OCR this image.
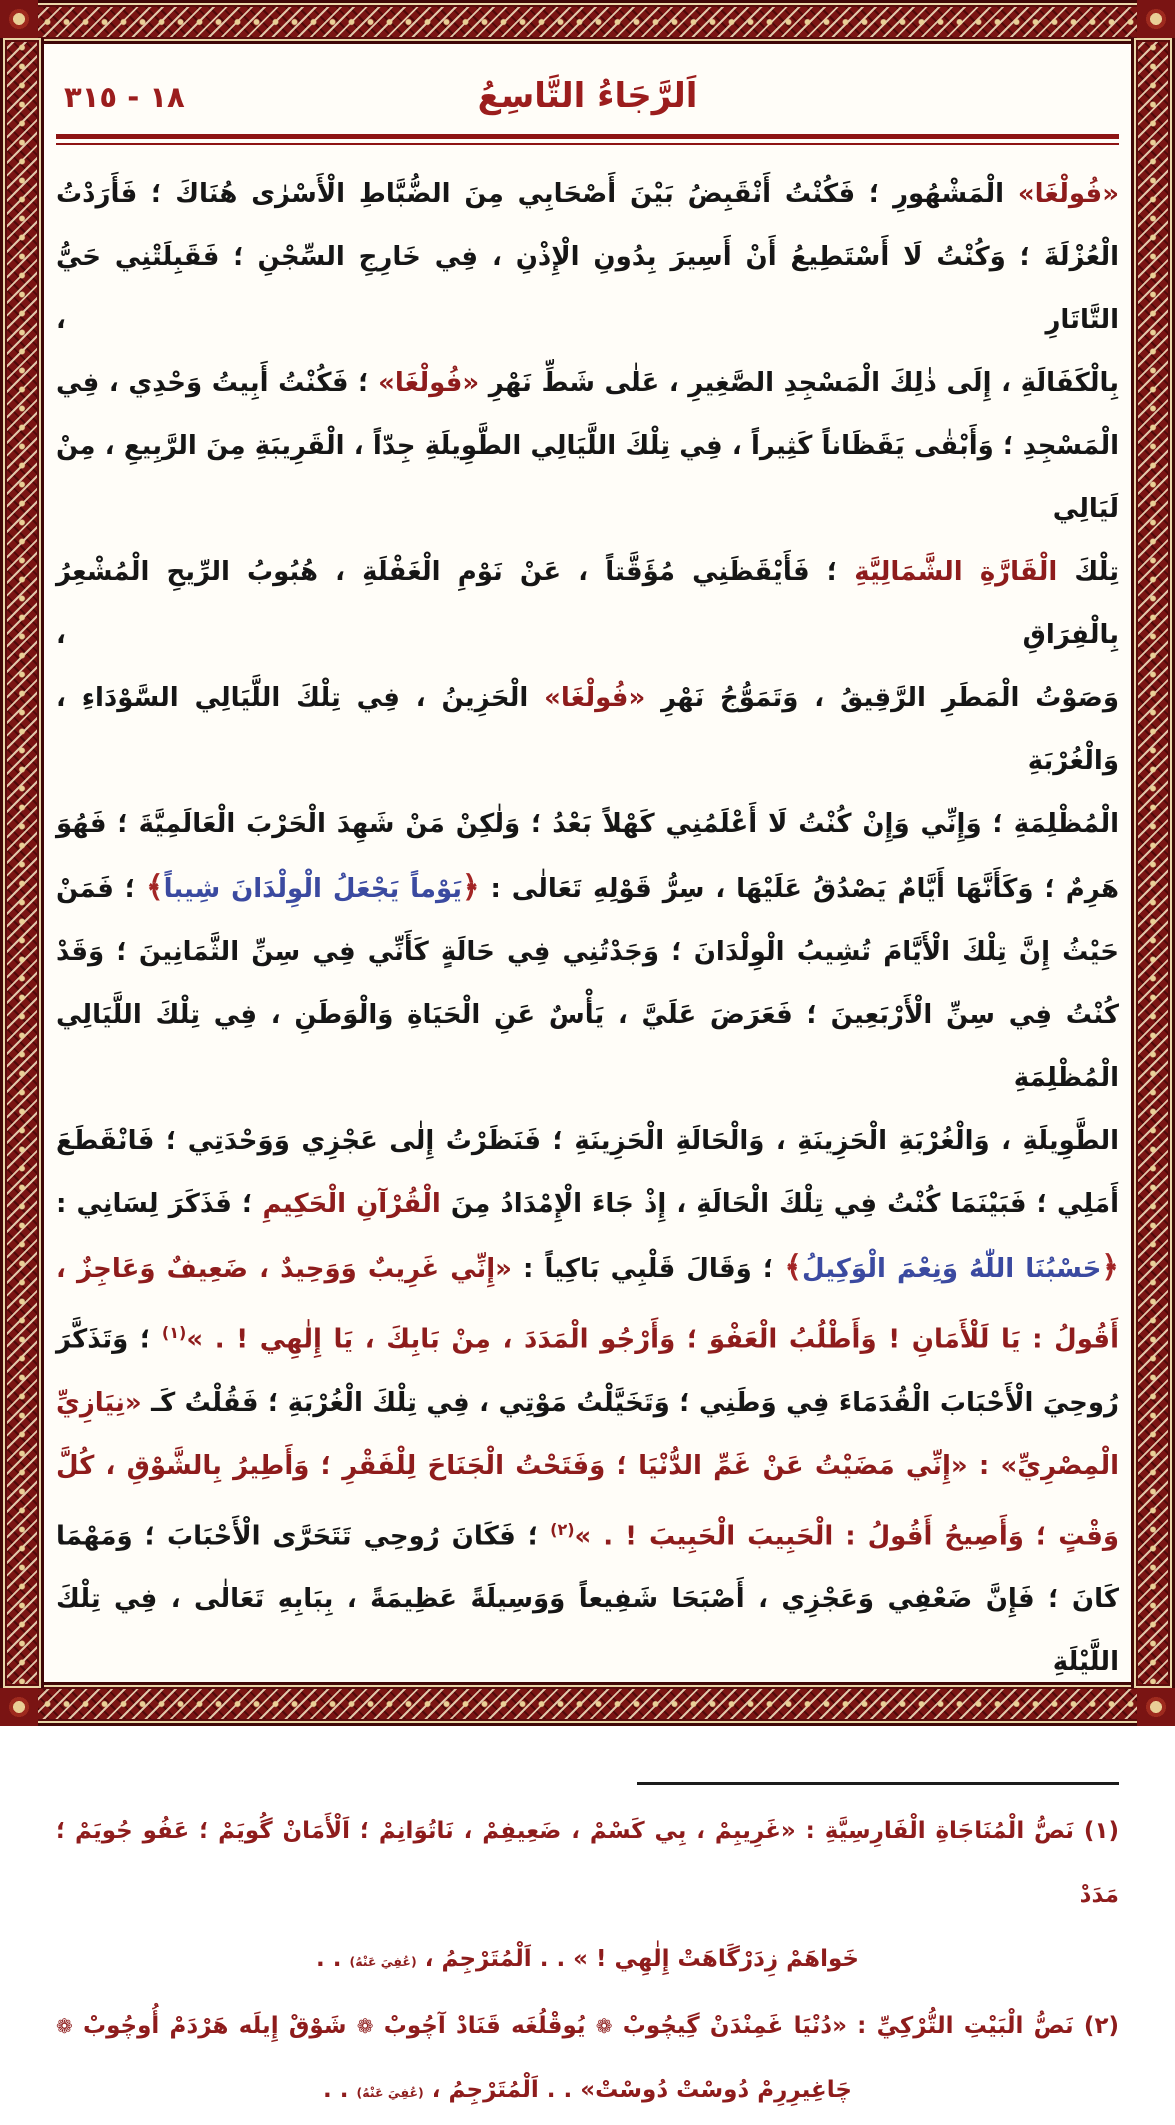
١٨ - ٣١٥	اَلرَّجَاءُ التَّاسِعُ
«فُولْغَا» الْمَشْهُورِ ؛ فَكُنْتُ أَنْقَبِضُ بَيْنَ أَصْحَابِي مِنَ الضُّبَّاطِ الْأَسْرٰى هُنَاكَ ؛ فَأَرَدْتُ
الْعُزْلَةَ ؛ وَكُنْتُ لَا أَسْتَطِيعُ أَنْ أَسِيرَ بِدُونِ الْإِذْنِ ، فِي خَارِجِ السِّجْنِ ؛ فَقَبِلَتْنِي حَيُّ التَّاتَارِ ،
بِالْكَفَالَةِ ، إِلَى ذٰلِكَ الْمَسْجِدِ الصَّغِيرِ ، عَلٰى شَطِّ نَهْرِ «فُولْغَا» ؛ فَكُنْتُ أَبِيتُ وَحْدِي ، فِي
الْمَسْجِدِ ؛ وَأَبْقٰى يَقَظَاناً كَثِيراً ، فِي تِلْكَ اللَّيَالِي الطَّوِيلَةِ جِدّاً ، الْقَرِيبَةِ مِنَ الرَّبِيعِ ، مِنْ لَيَالِي
تِلْكَ الْقَارَّةِ الشَّمَالِيَّةِ ؛ فَأَيْقَظَنِي مُؤَقَّتاً ، عَنْ نَوْمِ الْغَفْلَةِ ، هُبُوبُ الرِّيحِ الْمُشْعِرُ بِالْفِرَاقِ ،
وَصَوْتُ الْمَطَرِ الرَّقِيقُ ، وَتَمَوُّجُ نَهْرِ «فُولْغَا» الْحَزِينُ ، فِي تِلْكَ اللَّيَالِي السَّوْدَاءِ ، وَالْغُرْبَةِ
الْمُظْلِمَةِ ؛ وَإِنِّي وَإِنْ كُنْتُ لَا أَعْلَمُنِي كَهْلاً بَعْدُ ؛ وَلٰكِنْ مَنْ شَهِدَ الْحَرْبَ الْعَالَمِيَّةَ ؛ فَهُوَ
هَرِمٌ ؛ وَكَأَنَّهَا أَيَّامٌ يَصْدُقُ عَلَيْهَا ، سِرُّ قَوْلِهِ تَعَالٰى : ﴿يَوْماً يَجْعَلُ الْوِلْدَانَ شِيباً﴾ ؛ فَمَنْ
حَيْثُ إِنَّ تِلْكَ الْأَيَّامَ تُشِيبُ الْوِلْدَانَ ؛ وَجَدْتُنِي فِي حَالَةٍ كَأَنِّي فِي سِنِّ الثَّمَانِينَ ؛ وَقَدْ
كُنْتُ فِي سِنِّ الْأَرْبَعِينَ ؛ فَعَرَضَ عَلَيَّ ، يَأْسٌ عَنِ الْحَيَاةِ وَالْوَطَنِ ، فِي تِلْكَ اللَّيَالِي الْمُظْلِمَةِ
الطَّوِيلَةِ ، وَالْغُرْبَةِ الْحَزِينَةِ ، وَالْحَالَةِ الْحَزِينَةِ ؛ فَنَظَرْتُ إِلٰى عَجْزِي وَوَحْدَتِي ؛ فَانْقَطَعَ
أَمَلِي ؛ فَبَيْنَمَا كُنْتُ فِي تِلْكَ الْحَالَةِ ، إِذْ جَاءَ الْإِمْدَادُ مِنَ الْقُرْآنِ الْحَكِيمِ ؛ فَذَكَرَ لِسَانِي :
﴿حَسْبُنَا اللّٰهُ وَنِعْمَ الْوَكِيلُ﴾ ؛ وَقَالَ قَلْبِي بَاكِياً : «إِنِّي غَرِيبٌ وَوَحِيدٌ ، ضَعِيفٌ وَعَاجِزٌ ،
أَقُولُ : يَا لَلْأَمَانِ ! وَأَطْلُبُ الْعَفْوَ ؛ وَأَرْجُو الْمَدَدَ ، مِنْ بَابِكَ ، يَا إِلٰهِي ! . »$^{(١)}$ ؛ وَتَذَكَّرَ
رُوحِيَ الْأَحْبَابَ الْقُدَمَاءَ فِي وَطَنِي ؛ وَتَخَيَّلْتُ مَوْتِي ، فِي تِلْكَ الْغُرْبَةِ ؛ فَقُلْتُ كَـ «نِيَازِيِّ
الْمِصْرِيِّ» : «إِنِّي مَضَيْتُ عَنْ غَمِّ الدُّنْيَا ؛ وَفَتَحْتُ الْجَنَاحَ لِلْفَقْرِ ؛ وَأَطِيرُ بِالشَّوْقِ ، كُلَّ
وَقْتٍ ؛ وَأَصِيحُ أَقُولُ : الْحَبِيبَ الْحَبِيبَ ! . »$^{(٢)}$ ؛ فَكَانَ رُوحِي تَتَحَرَّى الْأَحْبَابَ ؛ وَمَهْمَا
كَانَ ؛ فَإِنَّ ضَعْفِي وَعَجْزِي ، أَصْبَحَا شَفِيعاً وَوَسِيلَةً عَظِيمَةً ، بِبَابِهِ تَعَالٰى ، فِي تِلْكَ اللَّيْلَةِ
(١) نَصُّ الْمُنَاجَاةِ الْفَارِسِيَّةِ : «غَرِيبِمْ ، بِي كَسْمْ ، ضَعِيفِمْ ، نَاتُوَانِمْ ؛ اَلْأَمَانْ گُويَمْ ؛ عَفُو جُويَمْ ؛ مَدَدْ
خَواهَمْ زِدَرْگَاهَتْ إِلٰهِي ! » . . اَلْمُتَرْجِمُ ، (عُفِيَ عَنْهُ) . .
(٢) نَصُّ الْبَيْتِ التُّرْكِيِّ : «دُنْيَا غَمِنْدَنْ گِيچُوبْ ❁ يُوقْلُغَه قَنَادْ آچُوبْ ❁ شَوْقْ إِيلَه هَرْدَمْ أُوچُوبْ ❁
چَاغِيرِرِمْ دُوسْتْ دُوسْتْ» . . اَلْمُتَرْجِمُ ، (عُفِيَ عَنْهُ) . .
